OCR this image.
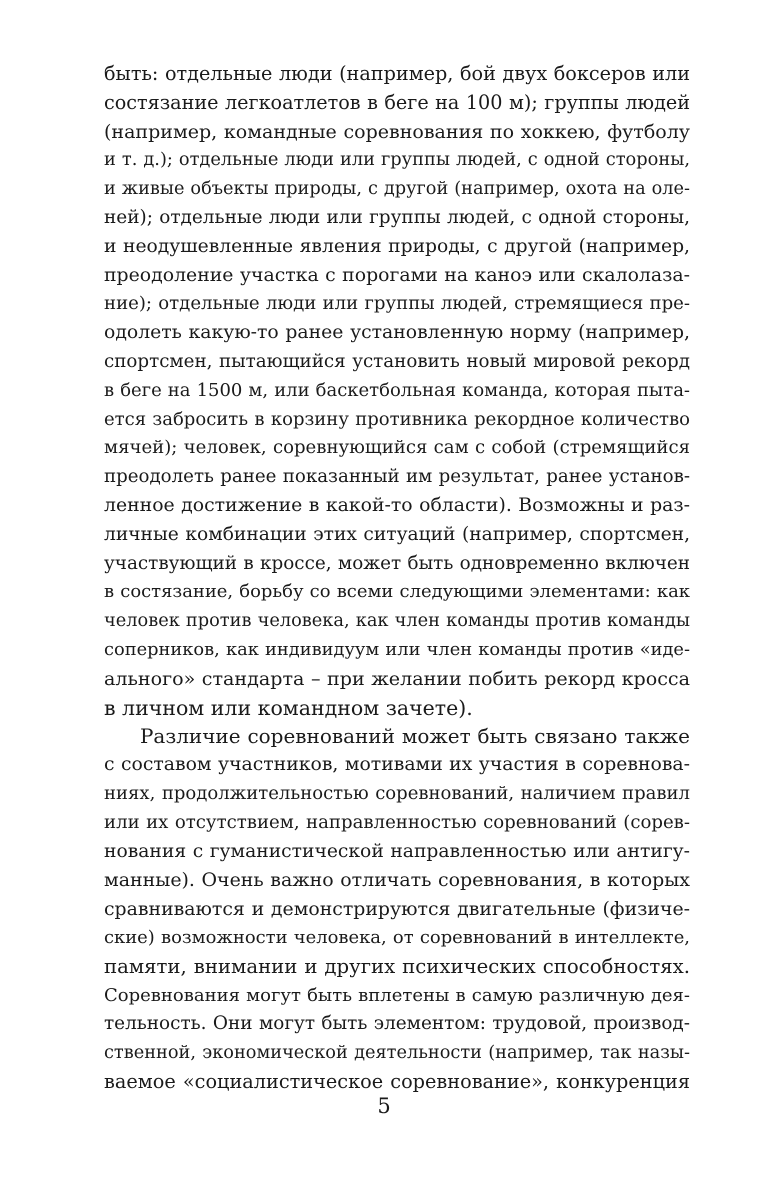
быть: отдельные люди (например, бой двух боксеров или
состязание легкоатлетов в беге на 100 м); группы людей
(например, командные соревнования по хоккею, футболу
и т. д.); отдельные люди или группы людей, с одной стороны,
и живые объекты природы, с другой (например, охота на оле-
ней); отдельные люди или группы людей, с одной стороны,
и неодушевленные явления природы, с другой (например,
преодоление участка с порогами на каноэ или скалолаза-
ние); отдельные люди или группы людей, стремящиеся пре-
одолеть какую-то ранее установленную норму (например,
спортсмен, пытающийся установить новый мировой рекорд
в беге на 1500 м, или баскетбольная команда, которая пыта-
ется забросить в корзину противника рекордное количество
мячей); человек, соревнующийся сам с собой (стремящийся
преодолеть ранее показанный им результат, ранее установ-
ленное достижение в какой-то области). Возможны и раз-
личные комбинации этих ситуаций (например, спортсмен,
участвующий в кроссе, может быть одновременно включен
в состязание, борьбу со всеми следующими элементами: как
человек против человека, как член команды против команды
соперников, как индивидуум или член команды против «иде-
ального» стандарта – при желании побить рекорд кросса
в личном или командном зачете).
Различие соревнований может быть связано также
с составом участников, мотивами их участия в соревнова-
ниях, продолжительностью соревнований, наличием правил
или их отсутствием, направленностью соревнований (сорев-
нования с гуманистической направленностью или антигу-
манные). Очень важно отличать соревнования, в которых
сравниваются и демонстрируются двигательные (физиче-
ские) возможности человека, от соревнований в интеллекте,
памяти, внимании и других психических способностях.
Соревнования могут быть вплетены в самую различную дея-
тельность. Они могут быть элементом: трудовой, производ-
ственной, экономической деятельности (например, так назы-
ваемое «социалистическое соревнование», конкуренция
5
